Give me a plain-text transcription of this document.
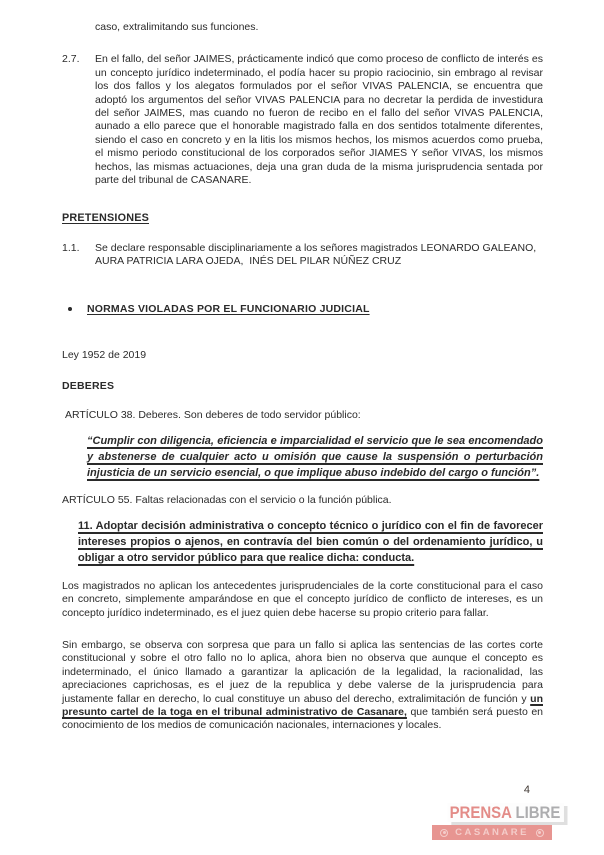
caso, extralimitando sus funciones.

2.7.	En el fallo, del señor JAIMES, prácticamente indicó que como proceso de conflicto de interés es un concepto jurídico indeterminado, el podía hacer su propio raciocinio, sin embrago al revisar los dos fallos y los alegatos formulados por el señor VIVAS PALENCIA, se encuentra que adoptó los argumentos del señor VIVAS PALENCIA para no decretar la perdida de investidura del señor JAIMES, mas cuando no fueron de recibo en el fallo del señor VIVAS PALENCIA, aunado a ello parece que el honorable magistrado falla en dos sentidos totalmente diferentes, siendo el caso en concreto y en la litis los mismos hechos, los mismos acuerdos como prueba, el mismo periodo constitucional de los corporados señor JIAMES Y señor VIVAS, los mismos hechos, las mismas actuaciones, deja una gran duda de la misma jurisprudencia sentada por parte del tribunal de CASANARE.
PRETENSIONES
1.1.	Se declare responsable disciplinariamente a los señores magistrados LEONARDO GALEANO, AURA PATRICIA LARA OJEDA,  INÉS DEL PILAR NÚÑEZ CRUZ
NORMAS VIOLADAS POR EL FUNCIONARIO JUDICIAL

Ley 1952 de 2019

DEBERES

ARTÍCULO 38. Deberes. Son deberes de todo servidor público:

“Cumplir con diligencia, eficiencia e imparcialidad el servicio que le sea encomendado y abstenerse de cualquier acto u omisión que cause la suspensión o perturbación injusticia de un servicio esencial, o que implique abuso indebido del cargo o función”.

ARTÍCULO 55. Faltas relacionadas con el servicio o la función pública.

11. Adoptar decisión administrativa o concepto técnico o jurídico con el fin de favorecer intereses propios o ajenos, en contravía del bien común o del ordenamiento jurídico, u obligar a otro servidor público para que realice dicha: conducta.

Los magistrados no aplican los antecedentes jurisprudenciales de la corte constitucional para el caso en concreto, simplemente amparándose en que el concepto jurídico de conflicto de intereses, es un concepto jurídico indeterminado, es el juez quien debe hacerse su propio criterio para fallar.

Sin embargo, se observa con sorpresa que para un fallo si aplica las sentencias de las cortes corte constitucional y sobre el otro fallo no lo aplica, ahora bien no observa que aunque el concepto es indeterminado, el único llamado a garantizar la aplicación de la legalidad, la racionalidad, las apreciaciones caprichosas, es el juez de la republica y debe valerse de la jurisprudencia para justamente fallar en derecho, lo cual constituye un abuso del derecho, extralimitación de función y un presunto cartel de la toga en el tribunal administrativo de Casanare, que también será puesto en conocimiento de los medios de comunicación nacionales, internaciones y locales.

4
PRENSA LIBRE
CASANARE
